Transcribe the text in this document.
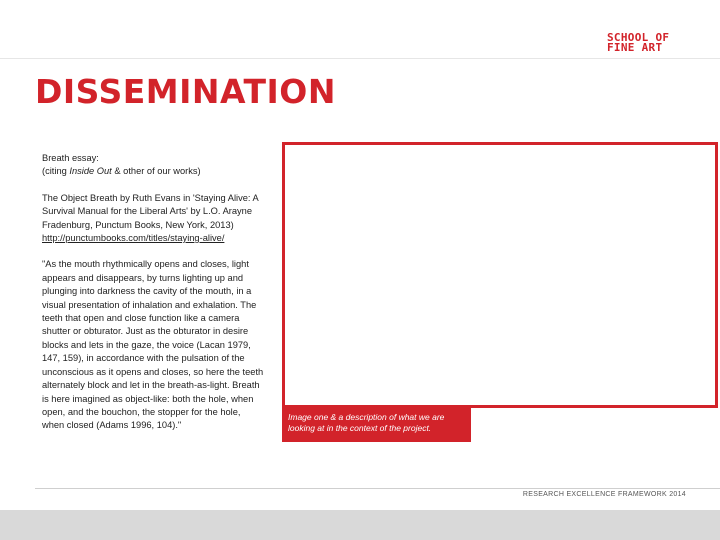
SCHOOL OF
FINE ART
DISSEMINATION

Breath essay:
(citing Inside Out & other of our works)

The Object Breath by Ruth Evans in 'Staying Alive: A Survival Manual for the Liberal Arts' by L.O. Arayne Fradenburg, Punctum Books, New York, 2013) http://punctumbooks.com/titles/staying-alive/

"As the mouth rhythmically opens and closes, light appears and disappears, by turns lighting up and plunging into darkness the cavity of the mouth, in a visual presentation of inhalation and exhalation. The teeth that open and close function like a camera shutter or obturator. Just as the obturator in desire blocks and lets in the gaze, the voice (Lacan 1979, 147, 159), in accordance with the pulsation of the unconscious as it opens and closes, so here the teeth alternately block and let in the breath-as-light. Breath is here imagined as object-like: both the hole, when open, and the bouchon, the stopper for the hole, when closed (Adams 1996, 104)."

Image one & a description of what we are looking at in the context of the project.
RESEARCH EXCELLENCE FRAMEWORK 2014
